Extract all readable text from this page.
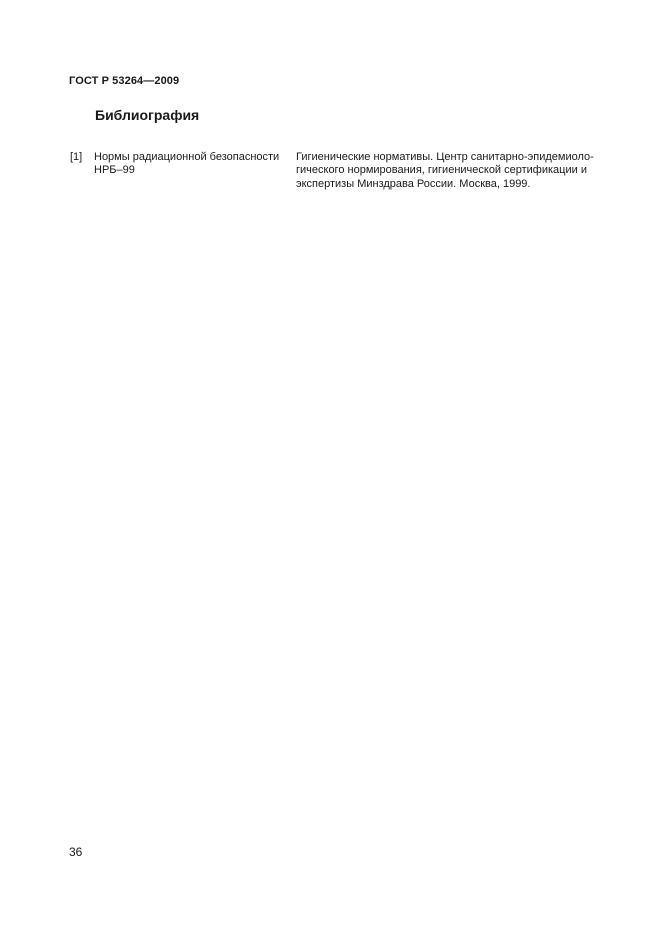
ГОСТ Р 53264—2009
Библиография
[1]	Нормы радиационной безопасности
НРБ–99
Гигиенические нормативы. Центр санитарно-эпидемиоло-
гического нормирования, гигиенической сертификации и
экспертизы Минздрава России. Москва, 1999.
36
